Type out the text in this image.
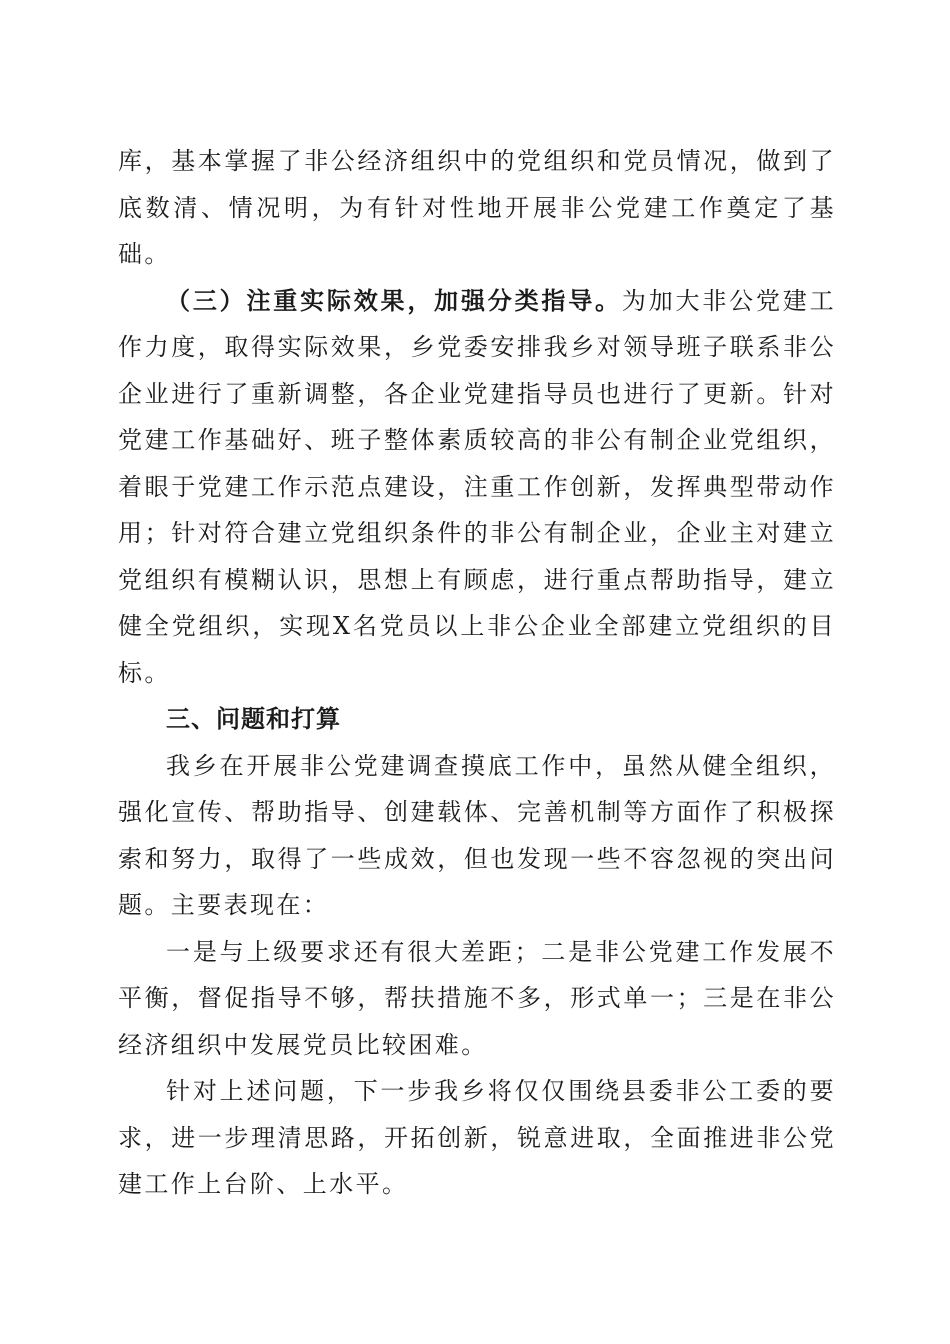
库，基本掌握了非公经济组织中的党组织和党员情况，做到了底数清、情况明，为有针对性地开展非公党建工作奠定了基础。

（三）注重实际效果，加强分类指导。为加大非公党建工作力度，取得实际效果，乡党委安排我乡对领导班子联系非公企业进行了重新调整，各企业党建指导员也进行了更新。针对党建工作基础好、班子整体素质较高的非公有制企业党组织，着眼于党建工作示范点建设，注重工作创新，发挥典型带动作用；针对符合建立党组织条件的非公有制企业，企业主对建立党组织有模糊认识，思想上有顾虑，进行重点帮助指导，建立健全党组织，实现X名党员以上非公企业全部建立党组织的目标。

三、问题和打算

我乡在开展非公党建调查摸底工作中，虽然从健全组织，强化宣传、帮助指导、创建载体、完善机制等方面作了积极探索和努力，取得了一些成效，但也发现一些不容忽视的突出问题。主要表现在：

一是与上级要求还有很大差距；二是非公党建工作发展不平衡，督促指导不够，帮扶措施不多，形式单一；三是在非公经济组织中发展党员比较困难。

针对上述问题，下一步我乡将仅仅围绕县委非公工委的要求，进一步理清思路，开拓创新，锐意进取，全面推进非公党建工作上台阶、上水平。
